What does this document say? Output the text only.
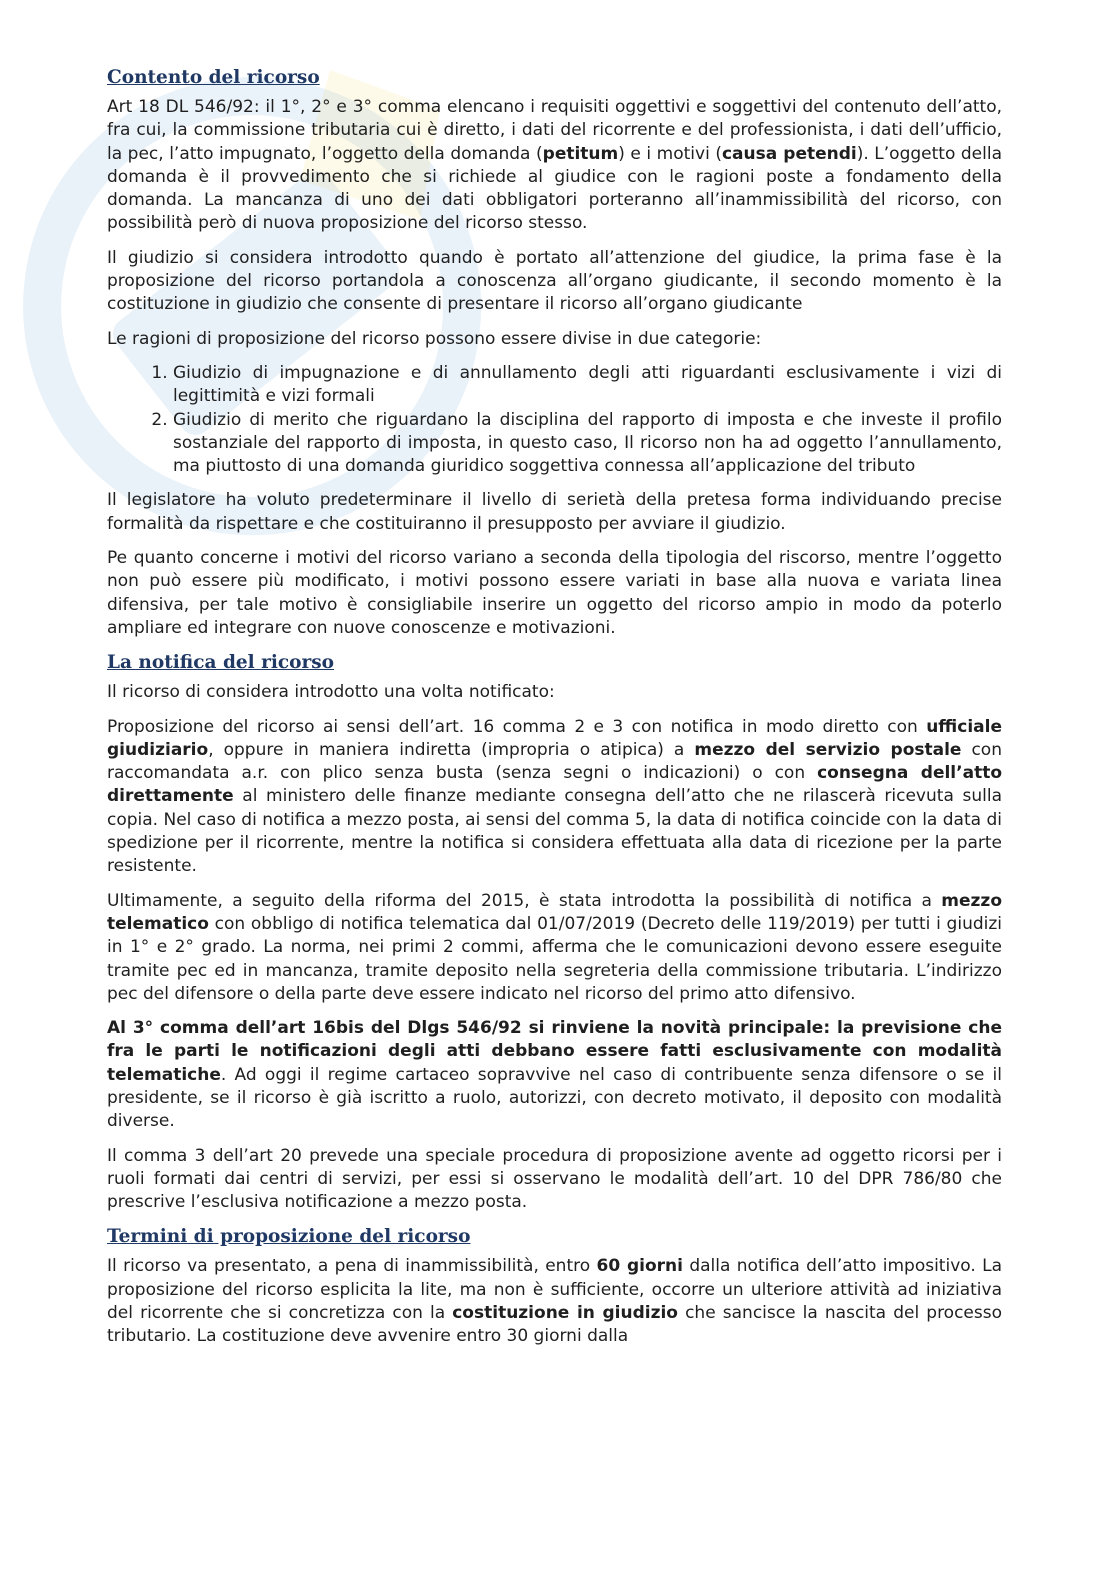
Contento del ricorso

Art 18 DL 546/92: il 1°, 2° e 3° comma elencano i requisiti oggettivi e soggettivi del contenuto dell’atto, fra cui, la commissione tributaria cui è diretto, i dati del ricorrente e del professionista, i dati dell’ufficio, la pec, l’atto impugnato, l’oggetto della domanda (petitum) e i motivi (causa petendi). L’oggetto della domanda è il provvedimento che si richiede al giudice con le ragioni poste a fondamento della domanda. La mancanza di uno dei dati obbligatori porteranno all’inammissibilità del ricorso, con possibilità però di nuova proposizione del ricorso stesso.

Il giudizio si considera introdotto quando è portato all’attenzione del giudice, la prima fase è la proposizione del ricorso portandola a conoscenza all’organo giudicante, il secondo momento è la costituzione in giudizio che consente di presentare il ricorso all’organo giudicante

Le ragioni di proposizione del ricorso possono essere divise in due categorie:

1. Giudizio di impugnazione e di annullamento degli atti riguardanti esclusivamente i vizi di legittimità e vizi formali
2. Giudizio di merito che riguardano la disciplina del rapporto di imposta e che investe il profilo sostanziale del rapporto di imposta, in questo caso, Il ricorso non ha ad oggetto l’annullamento, ma piuttosto di una domanda giuridico soggettiva connessa all’applicazione del tributo

Il legislatore ha voluto predeterminare il livello di serietà della pretesa forma individuando precise formalità da rispettare e che costituiranno il presupposto per avviare il giudizio.

Pe quanto concerne i motivi del ricorso variano a seconda della tipologia del riscorso, mentre l’oggetto non può essere più modificato, i motivi possono essere variati in base alla nuova e variata linea difensiva, per tale motivo è consigliabile inserire un oggetto del ricorso ampio in modo da poterlo ampliare ed integrare con nuove conoscenze e motivazioni.

La notifica del ricorso

Il ricorso di considera introdotto una volta notificato:

Proposizione del ricorso ai sensi dell’art. 16 comma 2 e 3 con notifica in modo diretto con ufficiale giudiziario, oppure in maniera indiretta (impropria o atipica) a mezzo del servizio postale con raccomandata a.r. con plico senza busta (senza segni o indicazioni) o con consegna dell’atto direttamente al ministero delle finanze mediante consegna dell’atto che ne rilascerà ricevuta sulla copia. Nel caso di notifica a mezzo posta, ai sensi del comma 5, la data di notifica coincide con la data di spedizione per il ricorrente, mentre la notifica si considera effettuata alla data di ricezione per la parte resistente.

Ultimamente, a seguito della riforma del 2015, è stata introdotta la possibilità di notifica a mezzo telematico con obbligo di notifica telematica dal 01/07/2019 (Decreto delle 119/2019) per tutti i giudizi in 1° e 2° grado. La norma, nei primi 2 commi, afferma che le comunicazioni devono essere eseguite tramite pec ed in mancanza, tramite deposito nella segreteria della commissione tributaria. L’indirizzo pec del difensore o della parte deve essere indicato nel ricorso del primo atto difensivo.

Al 3° comma dell’art 16bis del Dlgs 546/92 si rinviene la novità principale: la previsione che fra le parti le notificazioni degli atti debbano essere fatti esclusivamente con modalità telematiche. Ad oggi il regime cartaceo sopravvive nel caso di contribuente senza difensore o se il presidente, se il ricorso è già iscritto a ruolo, autorizzi, con decreto motivato, il deposito con modalità diverse.

Il comma 3 dell’art 20 prevede una speciale procedura di proposizione avente ad oggetto ricorsi per i ruoli formati dai centri di servizi, per essi si osservano le modalità dell’art. 10 del DPR 786/80 che prescrive l’esclusiva notificazione a mezzo posta.

Termini di proposizione del ricorso

Il ricorso va presentato, a pena di inammissibilità, entro 60 giorni dalla notifica dell’atto impositivo. La proposizione del ricorso esplicita la lite, ma non è sufficiente, occorre un ulteriore attività ad iniziativa del ricorrente che si concretizza con la costituzione in giudizio che sancisce la nascita del processo tributario. La costituzione deve avvenire entro 30 giorni dalla
